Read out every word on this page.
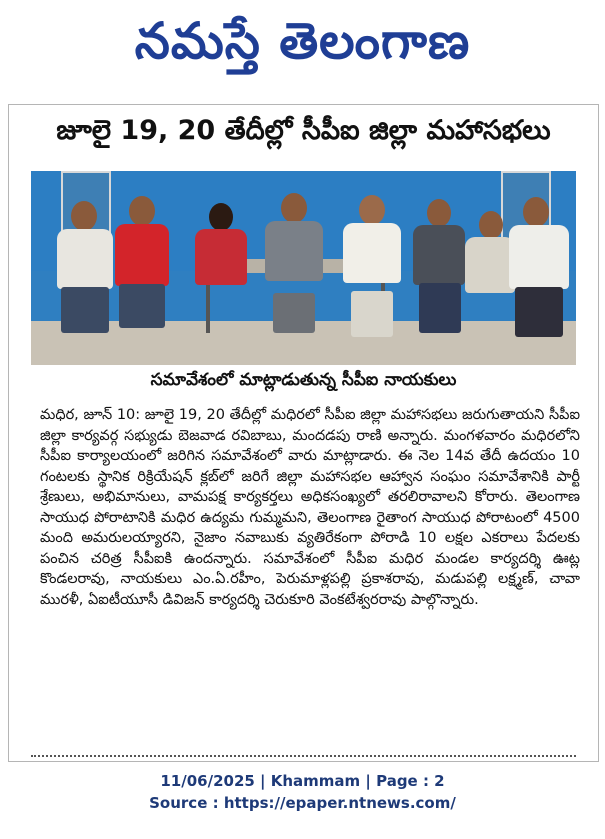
నమస్తే తెలంగాణ
జూలై 19, 20 తేదీల్లో సీపీఐ జిల్లా మహాసభలు
సమావేశంలో మాట్లాడుతున్న సీపీఐ నాయకులు

మధిర, జూన్ 10: జూలై 19, 20 తేదీల్లో మధిరలో సీపీఐ జిల్లా మహాసభలు జరుగుతాయని సీపీఐ జిల్లా కార్యవర్గ సభ్యుడు బెజవాడ రవిబాబు, మందడపు రాణి అన్నారు. మంగళవారం మధిరలోని సీపీఐ కార్యాలయంలో జరిగిన సమావేశంలో వారు మాట్లాడారు. ఈ నెల 14వ తేదీ ఉదయం 10 గంటలకు స్థానిక రిక్రియేషన్ క్లబ్‌లో జరిగే జిల్లా మహాసభల ఆహ్వాన సంఘం సమావేశానికి పార్టీ శ్రేణులు, అభిమానులు, వామపక్ష కార్యకర్తలు అధికసంఖ్యలో తరలిరావాలని కోరారు. తెలంగాణ సాయుధ పోరాటానికి మధిర ఉద్యమ గుమ్మమని, తెలంగాణ రైతాంగ సాయుధ పోరాటంలో 4500 మంది అమరులయ్యారని, నైజాం నవాబుకు వ్యతిరేకంగా పోరాడి 10 లక్షల ఎకరాలు పేదలకు పంచిన చరిత్ర సీపీఐకి ఉందన్నారు. సమావేశంలో సీపీఐ మధిర మండల కార్యదర్శి ఊట్ల కొండలరావు, నాయకులు ఎం.ఏ.రహీం, పెరుమాళ్లపల్లి ప్రకాశరావు, మడుపల్లి లక్ష్మణ్, చావా మురళీ, ఏఐటీయూసీ డివిజన్ కార్యదర్శి చెరుకూరి వెంకటేశ్వరరావు పాల్గొన్నారు.

11/06/2025 | Khammam | Page : 2
Source : https://epaper.ntnews.com/
